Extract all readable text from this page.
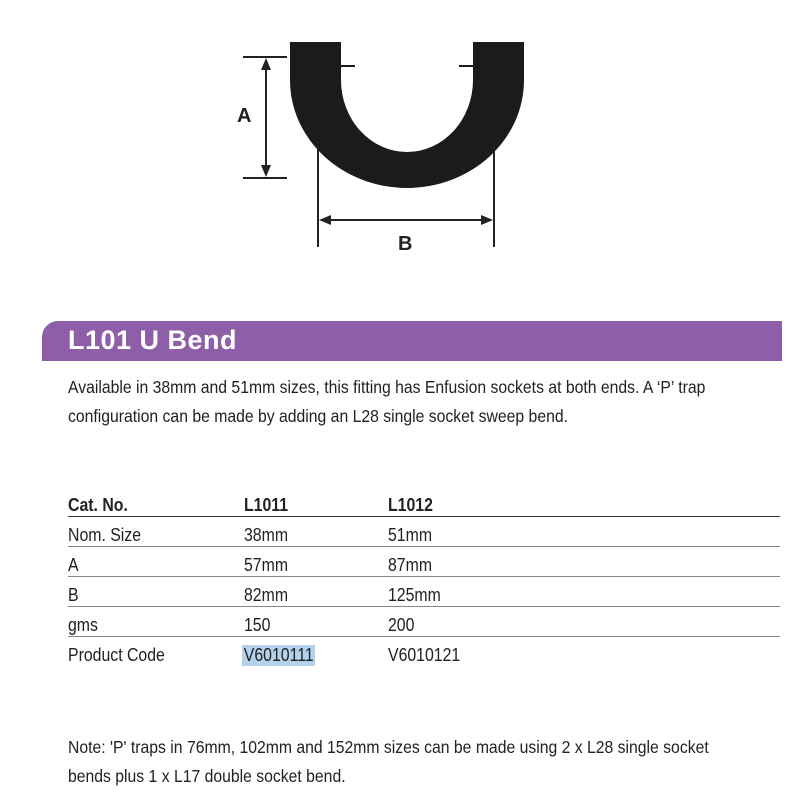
A
B
L101 U Bend
Available in 38mm and 51mm sizes, this fitting has Enfusion sockets at both ends. A ‘P’ trap configuration can be made by adding an L28 single socket sweep bend.
Cat. No.	L1011	L1012
Nom. Size	38mm	51mm
A	57mm	87mm
B	82mm	125mm
gms	150	200
Product Code	V6010111	V6010121
Note: 'P' traps in 76mm, 102mm and 152mm sizes can be made using 2 x L28 single socket bends plus 1 x L17 double socket bend.
